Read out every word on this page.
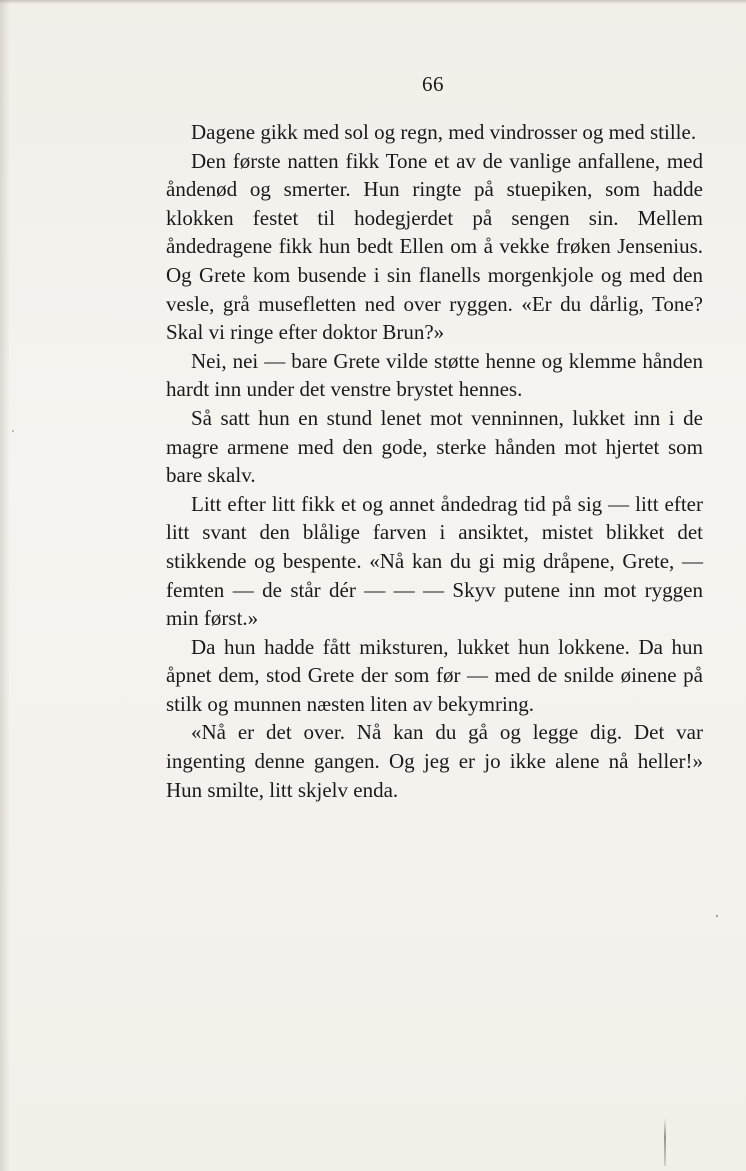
66

Dagene gikk med sol og regn, med vindrosser og med stille.

Den første natten fikk Tone et av de vanlige anfallene, med åndenød og smerter. Hun ringte på stuepiken, som hadde klokken festet til hodegjerdet på sengen sin. Mellem åndedragene fikk hun bedt Ellen om å vekke frøken Jensenius. Og Grete kom busende i sin flanells morgenkjole og med den vesle, grå musefletten ned over ryggen. «Er du dårlig, Tone? Skal vi ringe efter doktor Brun?»

Nei, nei — bare Grete vilde støtte henne og klemme hånden hardt inn under det venstre brystet hennes.

Så satt hun en stund lenet mot venninnen, lukket inn i de magre armene med den gode, sterke hånden mot hjertet som bare skalv.

Litt efter litt fikk et og annet åndedrag tid på sig — litt efter litt svant den blålige farven i ansiktet, mistet blikket det stikkende og bespente. «Nå kan du gi mig dråpene, Grete, — femten — de står dér — — — Skyv putene inn mot ryggen min først.»

Da hun hadde fått miksturen, lukket hun lokkene. Da hun åpnet dem, stod Grete der som før — med de snilde øinene på stilk og munnen næsten liten av bekymring.

«Nå er det over. Nå kan du gå og legge dig. Det var ingenting denne gangen. Og jeg er jo ikke alene nå heller!» Hun smilte, litt skjelv enda.
